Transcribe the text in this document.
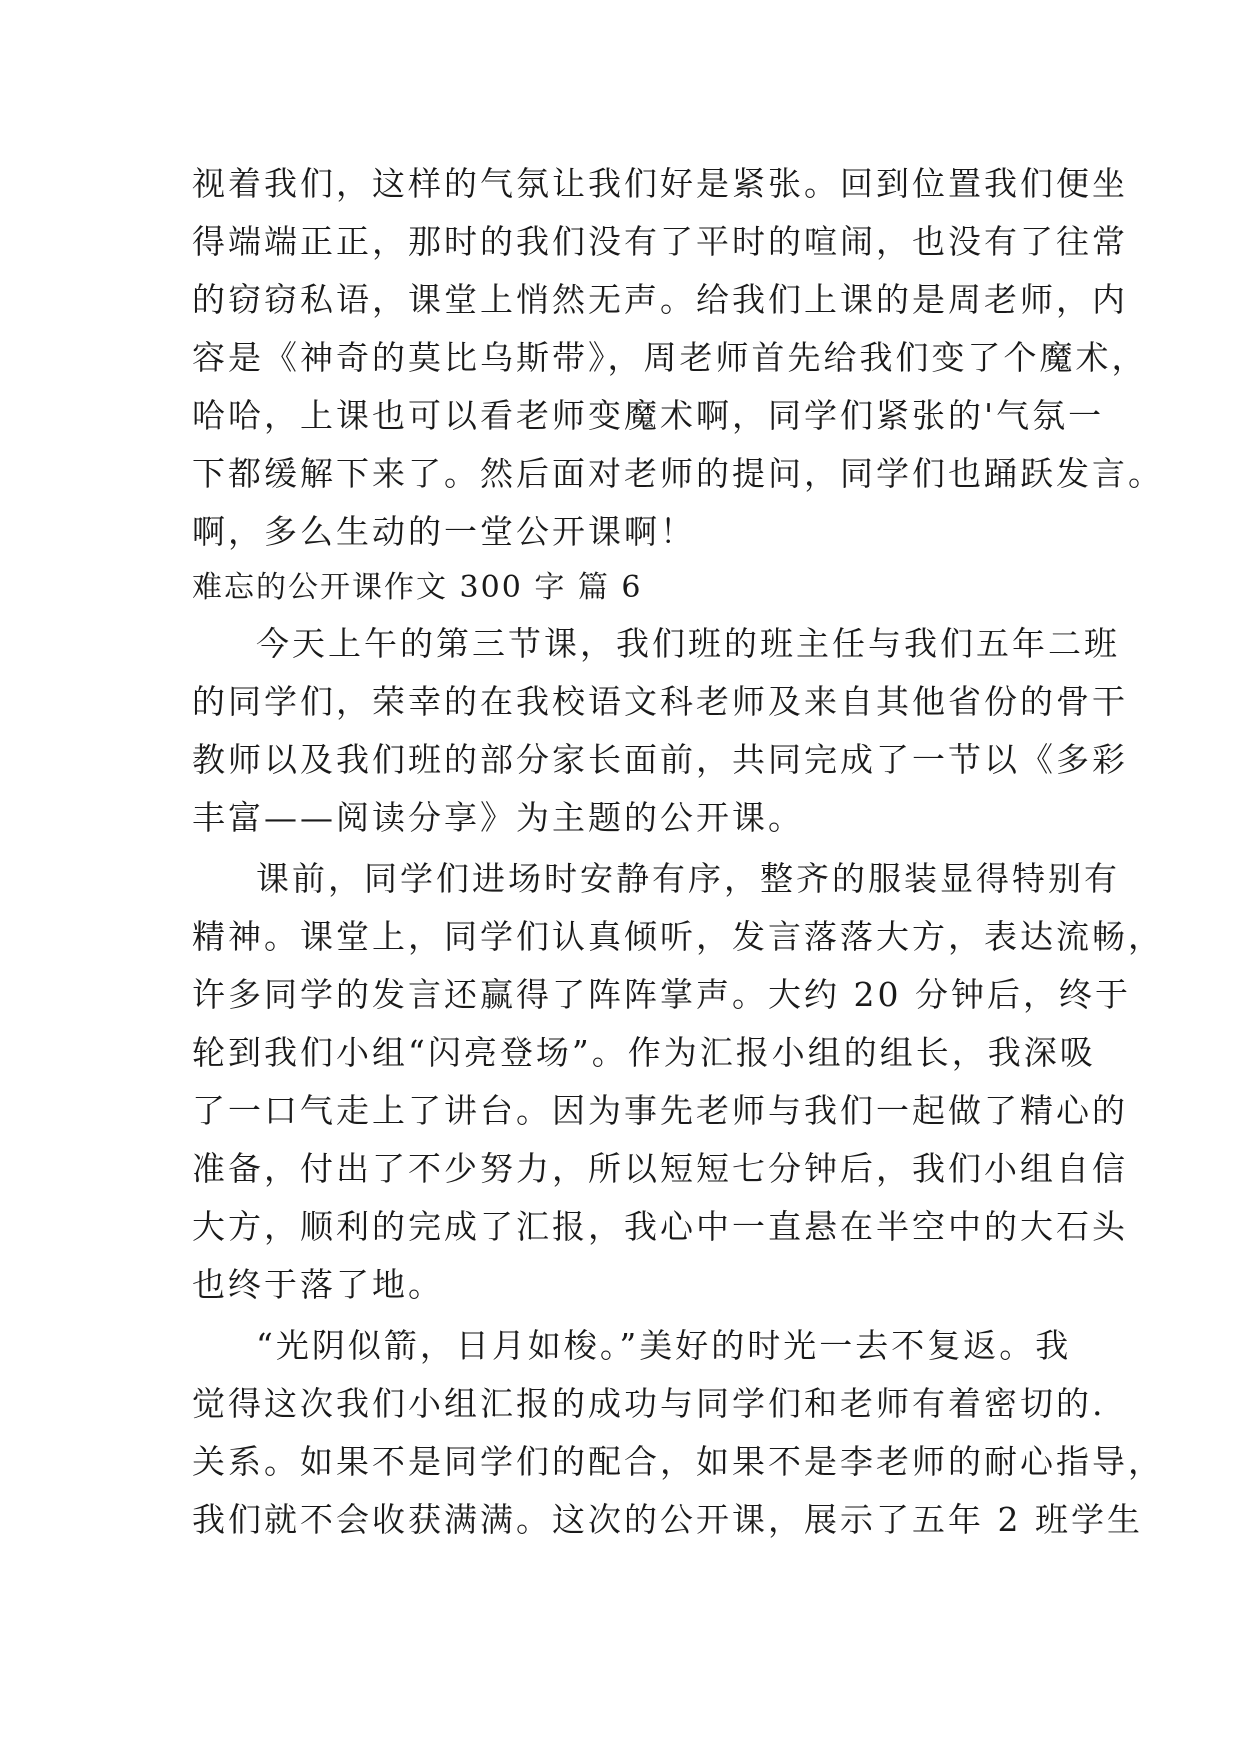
视着我们，这样的气氛让我们好是紧张。回到位置我们便坐
得端端正正，那时的我们没有了平时的喧闹，也没有了往常
的窃窃私语，课堂上悄然无声。给我们上课的是周老师，内
容是《神奇的莫比乌斯带》，周老师首先给我们变了个魔术，
哈哈，上课也可以看老师变魔术啊，同学们紧张的'气氛一
下都缓解下来了。然后面对老师的提问，同学们也踊跃发言。
啊，多么生动的一堂公开课啊！
难忘的公开课作文 300 字 篇 6
今天上午的第三节课，我们班的班主任与我们五年二班
的同学们，荣幸的在我校语文科老师及来自其他省份的骨干
教师以及我们班的部分家长面前，共同完成了一节以《多彩
丰富——阅读分享》为主题的公开课。
课前，同学们进场时安静有序，整齐的服装显得特别有
精神。课堂上，同学们认真倾听，发言落落大方，表达流畅，
许多同学的发言还赢得了阵阵掌声。大约 20 分钟后，终于
轮到我们小组“闪亮登场”。作为汇报小组的组长，我深吸
了一口气走上了讲台。因为事先老师与我们一起做了精心的
准备，付出了不少努力，所以短短七分钟后，我们小组自信
大方，顺利的完成了汇报，我心中一直悬在半空中的大石头
也终于落了地。
“光阴似箭，日月如梭。”美好的时光一去不复返。我
觉得这次我们小组汇报的成功与同学们和老师有着密切的.
关系。如果不是同学们的配合，如果不是李老师的耐心指导，
我们就不会收获满满。这次的公开课，展示了五年 2 班学生
